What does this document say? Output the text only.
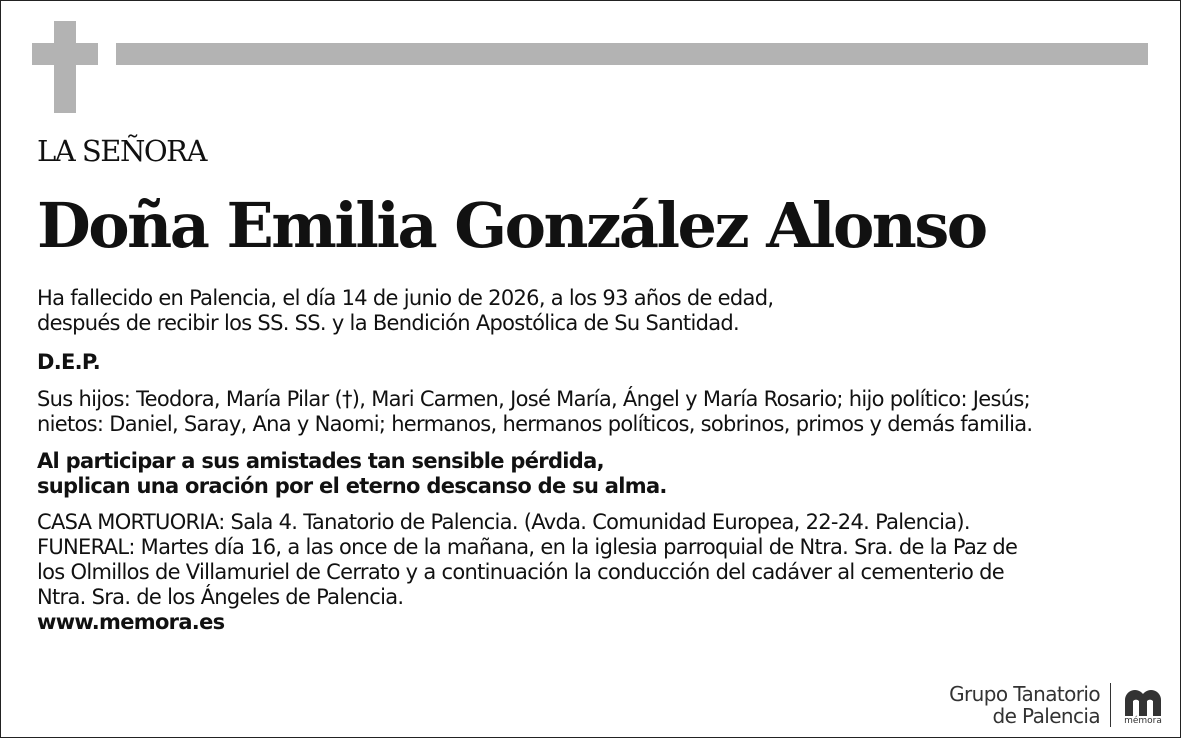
LA SEÑORA
Doña Emilia González Alonso
Ha fallecido en Palencia, el día 14 de junio de 2026, a los 93 años de edad,
después de recibir los SS. SS. y la Bendición Apostólica de Su Santidad.
D.E.P.
Sus hijos: Teodora, María Pilar (†), Mari Carmen, José María, Ángel y María Rosario; hijo político: Jesús;
nietos: Daniel, Saray, Ana y Naomi; hermanos, hermanos políticos, sobrinos, primos y demás familia.
Al participar a sus amistades tan sensible pérdida,
suplican una oración por el eterno descanso de su alma.
CASA MORTUORIA: Sala 4. Tanatorio de Palencia. (Avda. Comunidad Europea, 22-24. Palencia).
FUNERAL: Martes día 16, a las once de la mañana, en la iglesia parroquial de Ntra. Sra. de la Paz de
los Olmillos de Villamuriel de Cerrato y a continuación la conducción del cadáver al cementerio de
Ntra. Sra. de los Ángeles de Palencia.
www.memora.es
Grupo Tanatorio
de Palencia	mémora
